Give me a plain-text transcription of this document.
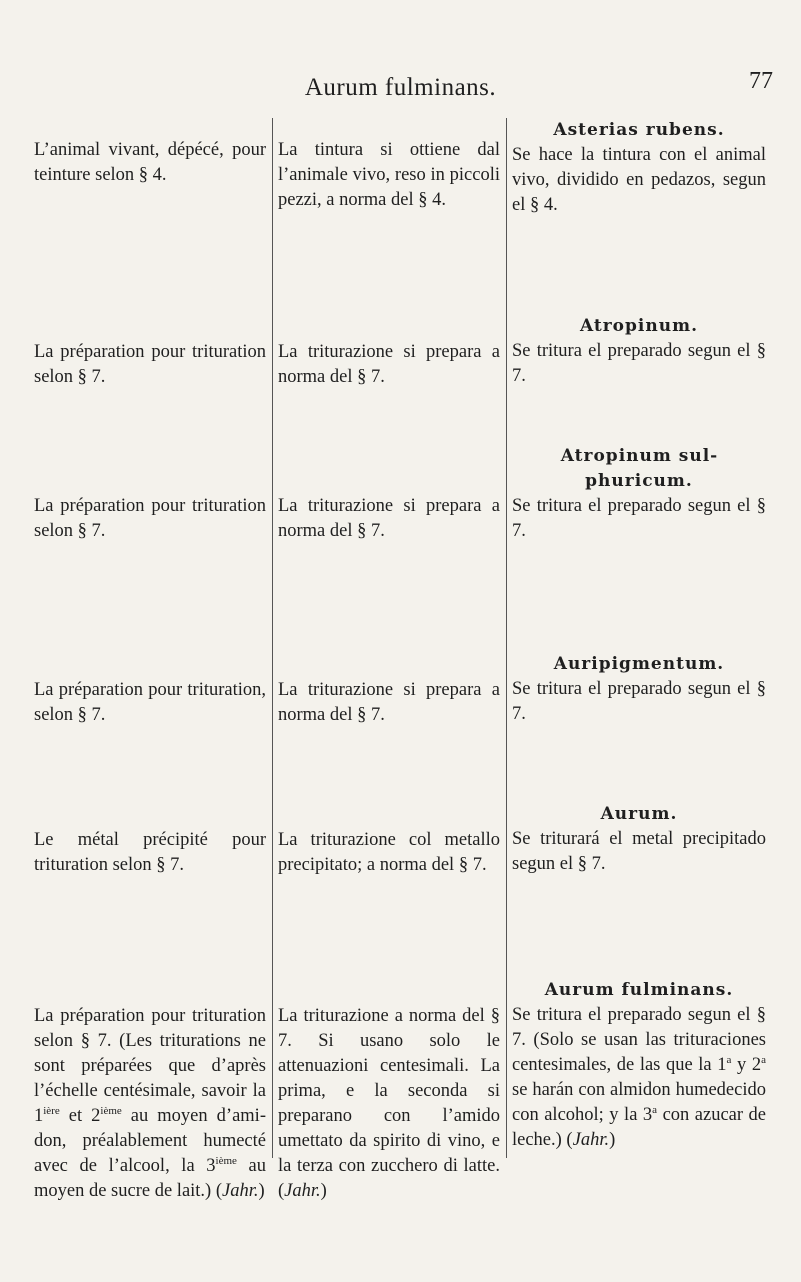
Aurum fulminans.	77
L’animal vivant, dépécé, pour teinture selon § 4.
La préparation pour trituration selon § 7.
La préparation pour trituration selon § 7.
La préparation pour trituration, selon § 7.
Le métal précipité pour trituration selon § 7.
La préparation pour trituration selon § 7. (Les triturations ne sont préparées que d’après l’échelle centésimale, savoir la $1^{ière}$ et 2ième au moyen d’amidon, préalablement humecté avec de l’alcool, la 3ième au moyen de sucre de lait.) (Jahr.)
La tintura si ottiene dal l’animale vivo, reso in piccoli pezzi, a norma del § 4.
La triturazione si prepara a norma del § 7.
La triturazione si prepara a norma del § 7.
La triturazione si prepara a norma del § 7.
La triturazione col metallo precipitato; a norma del § 7.
La triturazione a norma del § 7. Si usano solo le attenuazioni centesimali. La prima, e la seconda si preparano con l’amido umettato da spirito di vino, e la terza con zucchero di latte. (Jahr.)
Asterias rubens.
Se hace la tintura con el animal vivo, dividido en pedazos, segun el § 4.
Atropinum.
Se tritura el preparado segun el § 7.
Atropinum sulphuricum.
Se tritura el preparado segun el § 7.
Auripigmentum.
Se tritura el preparado segun el § 7.
Aurum.
Se triturará el metal precipitado segun el § 7.
Aurum fulminans.
Se tritura el preparado segun el § 7. (Solo se usan las trituraciones centesimales, de las que la 1$^a$ y 2$^a$ se harán con almidon humedecido con alcohol; y la 3$^a$ con azucar de leche.) (Jahr.)
